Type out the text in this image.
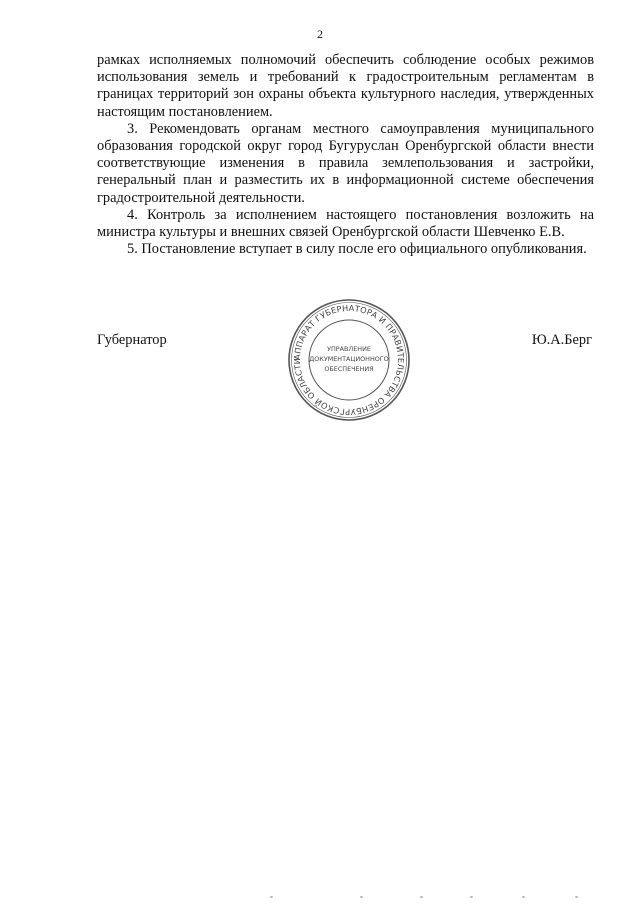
2

рамках исполняемых полномочий обеспечить соблюдение особых режимов использования земель и требований к градостроительным регламентам в границах территорий зон охраны объекта культурного наследия, утвержденных настоящим постановлением.

3. Рекомендовать органам местного самоуправления муниципального образования городской округ город Бугуруслан Оренбургской области внести соответствующие изменения в правила землепользования и застройки, генеральный план и разместить их в информационной системе обеспечения градостроительной деятельности.

4. Контроль за исполнением настоящего постановления возложить на министра культуры и внешних связей Оренбургской области Шевченко Е.В.

5. Постановление вступает в силу после его официального опубликования.

Губернатор	Ю.А.Берг
АППАРАТ ГУБЕРНАТОРА И ПРАВИТЕЛЬСТВА ОРЕНБУРГСКОЙ ОБЛАСТИ
УПРАВЛЕНИЕ
ДОКУМЕНТАЦИОННОГО
ОБЕСПЕЧЕНИЯ
